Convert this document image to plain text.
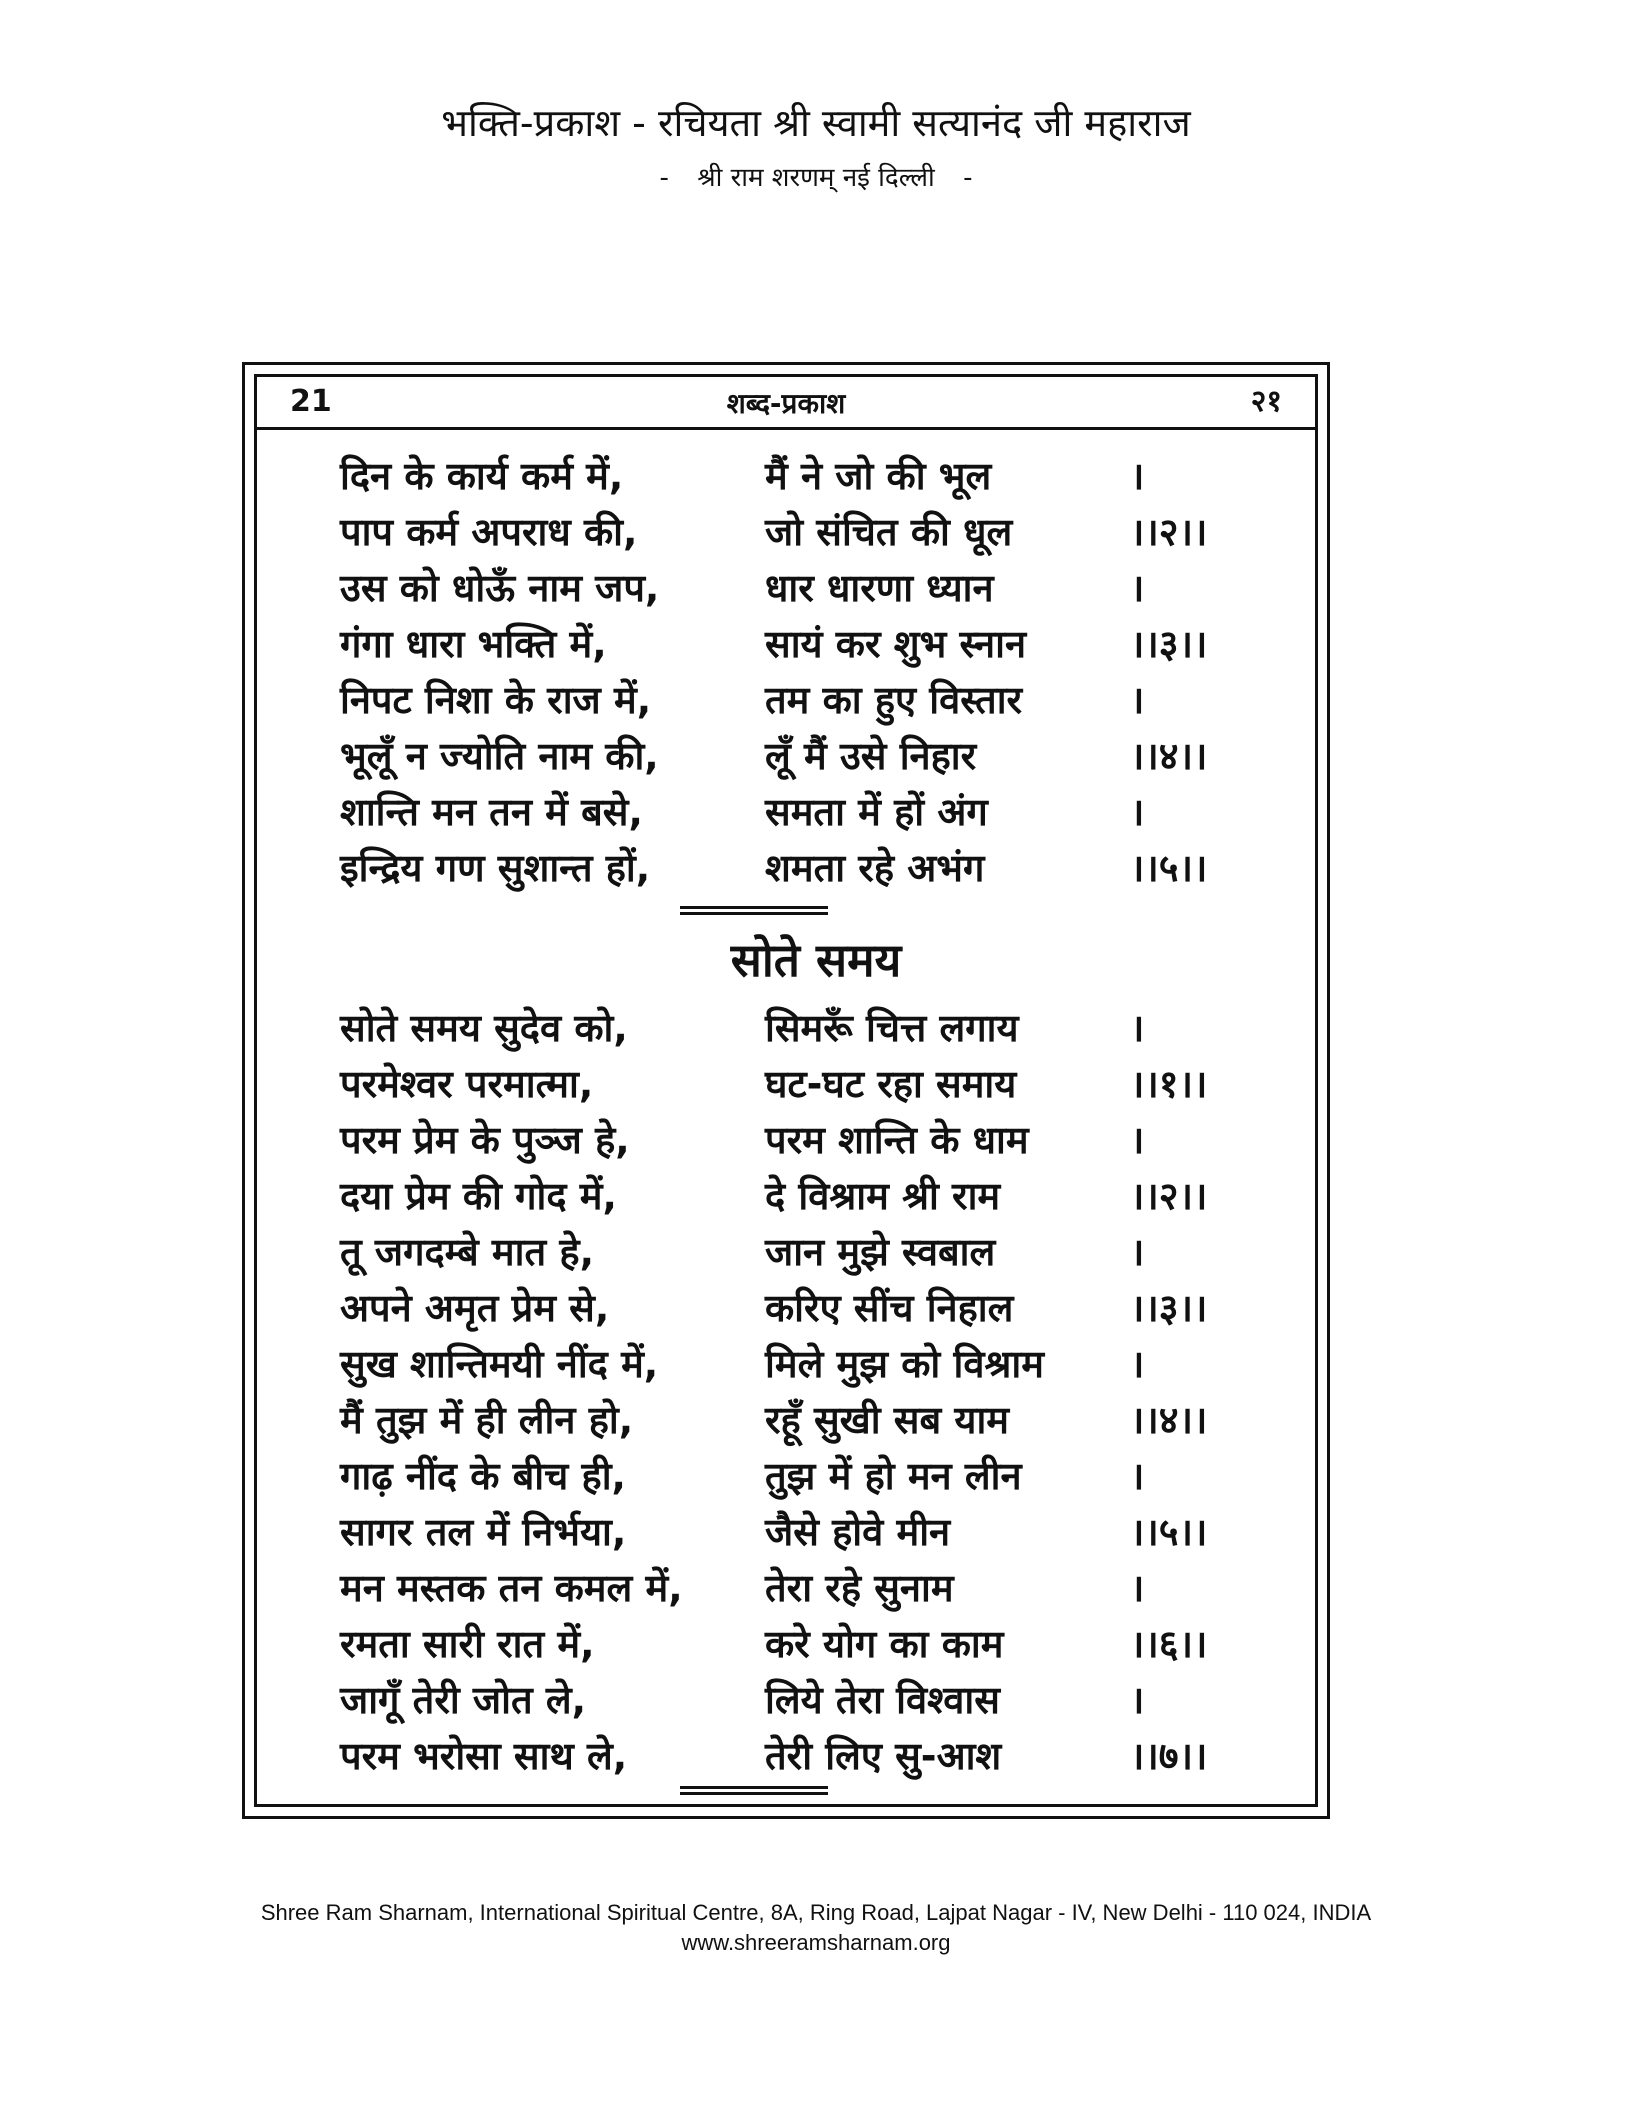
भक्ति-प्रकाश - रचियता श्री स्वामी सत्यानंद जी महाराज
- श्री राम शरणम् नई दिल्ली -
21	शब्द-प्रकाश	२१
दिन के कार्य कर्म में,	मैं ने जो की भूल	।
पाप कर्म अपराध की,	जो संचित की धूल	।।२।।
उस को धोऊँ नाम जप,	धार धारणा ध्यान	।
गंगा धारा भक्ति में,	सायं कर शुभ स्नान	।।३।।
निपट निशा के राज में,	तम का हुए विस्तार	।
भूलूँ न ज्योति नाम की,	लूँ मैं उसे निहार	।।४।।
शान्ति मन तन में बसे,	समता में हों अंग	।
इन्द्रिय गण सुशान्त हों,	शमता रहे अभंग	।।५।।
सोते समय
सोते समय सुदेव को,	सिमरूँ चित्त लगाय	।
परमेश्वर परमात्मा,	घट-घट रहा समाय	।।१।।
परम प्रेम के पुञ्ज हे,	परम शान्ति के धाम	।
दया प्रेम की गोद में,	दे विश्राम श्री राम	।।२।।
तू जगदम्बे मात हे,	जान मुझे स्वबाल	।
अपने अमृत प्रेम से,	करिए सींच निहाल	।।३।।
सुख शान्तिमयी नींद में,	मिले मुझ को विश्राम	।
मैं तुझ में ही लीन हो,	रहूँ सुखी सब याम	।।४।।
गाढ़ नींद के बीच ही,	तुझ में हो मन लीन	।
सागर तल में निर्भया,	जैसे होवे मीन	।।५।।
मन मस्तक तन कमल में,	तेरा रहे सुनाम	।
रमता सारी रात में,	करे योग का काम	।।६।।
जागूँ तेरी जोत ले,	लिये तेरा विश्वास	।
परम भरोसा साथ ले,	तेरी लिए सु-आश	।।७।।
Shree Ram Sharnam, International Spiritual Centre, 8A, Ring Road, Lajpat Nagar - IV, New Delhi - 110 024, INDIA
www.shreeramsharnam.org
